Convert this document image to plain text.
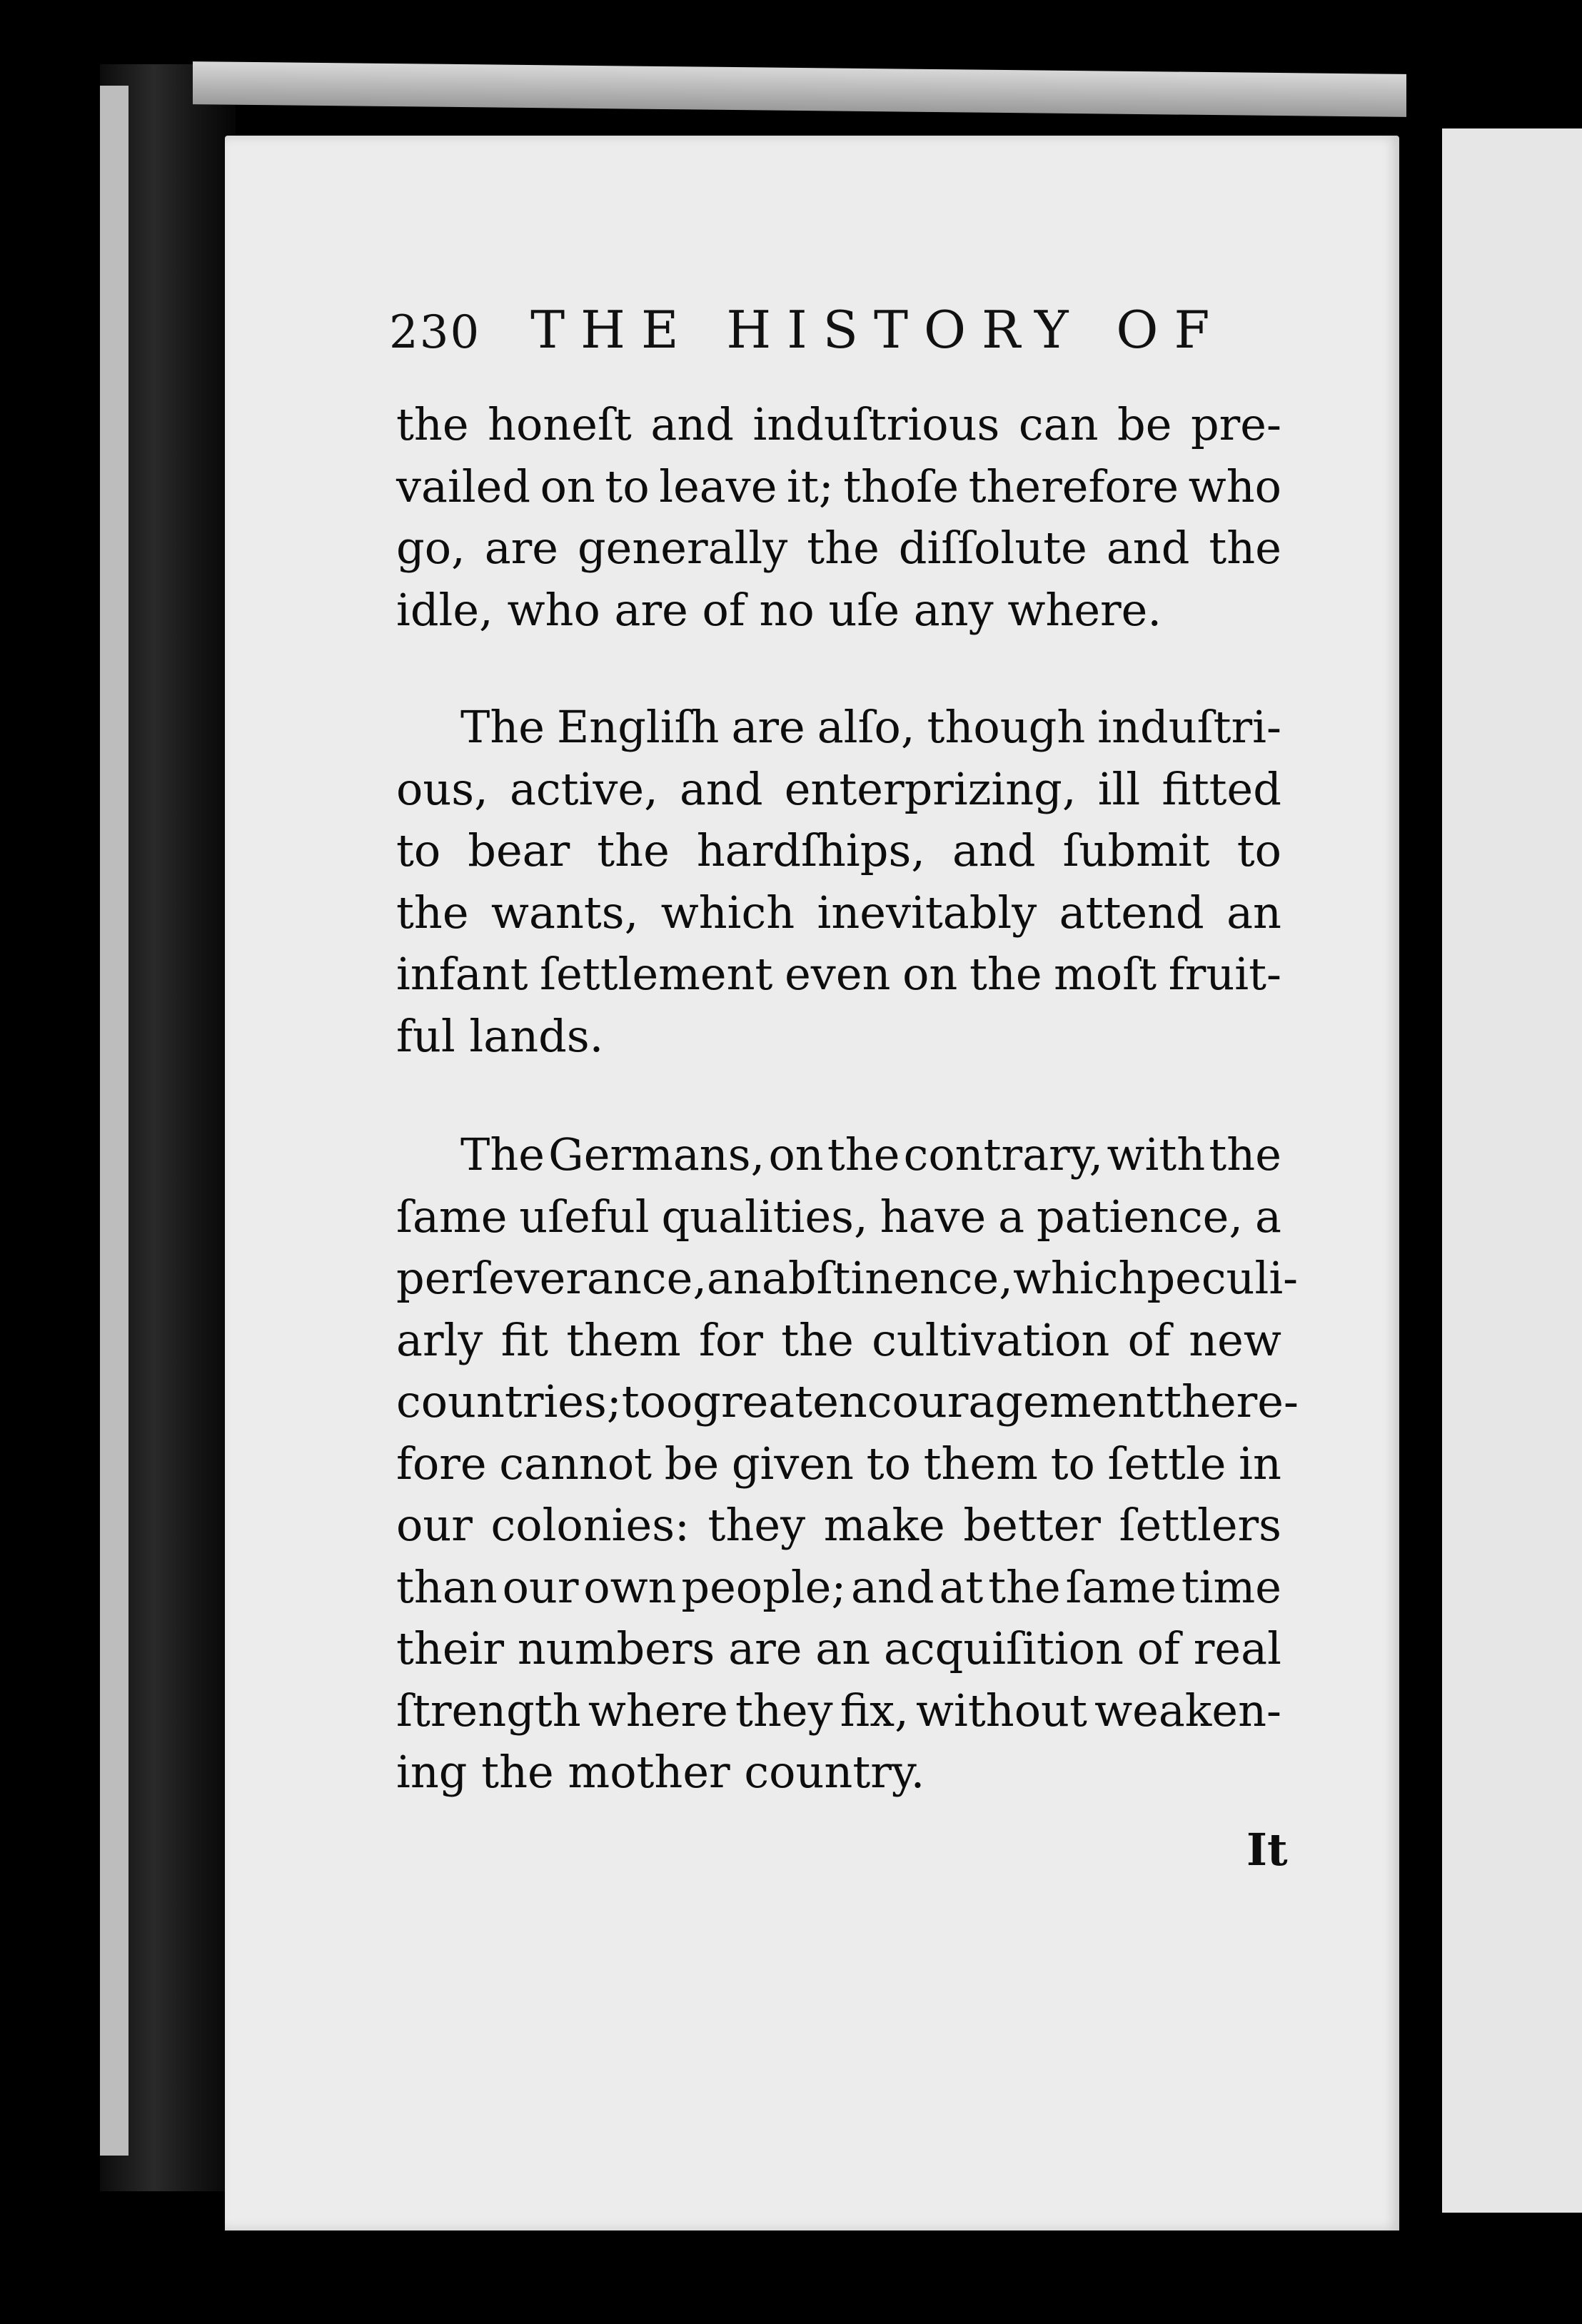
230 THE HISTORY OF
the honeſt and induſtrious can be pre-
vailed on to leave it; thoſe therefore who
go, are generally the diſſolute and the
idle, who are of no uſe any where.
The Engliſh are alſo, though induſtri-
ous, active, and enterprizing, ill fitted
to bear the hardſhips, and ſubmit to
the wants, which inevitably attend an
infant ſettlement even on the moſt fruit-
ful lands.
The Germans, on the contrary, with the
ſame uſeful qualities, have a patience, a
perſeverance, an abſtinence, which peculi-
arly fit them for the cultivation of new
countries; too great encouragement there-
fore cannot be given to them to ſettle in
our colonies: they make better ſettlers
than our own people; and at the ſame time
their numbers are an acquiſition of real
ſtrength where they fix, without weaken-
ing the mother country.
It
